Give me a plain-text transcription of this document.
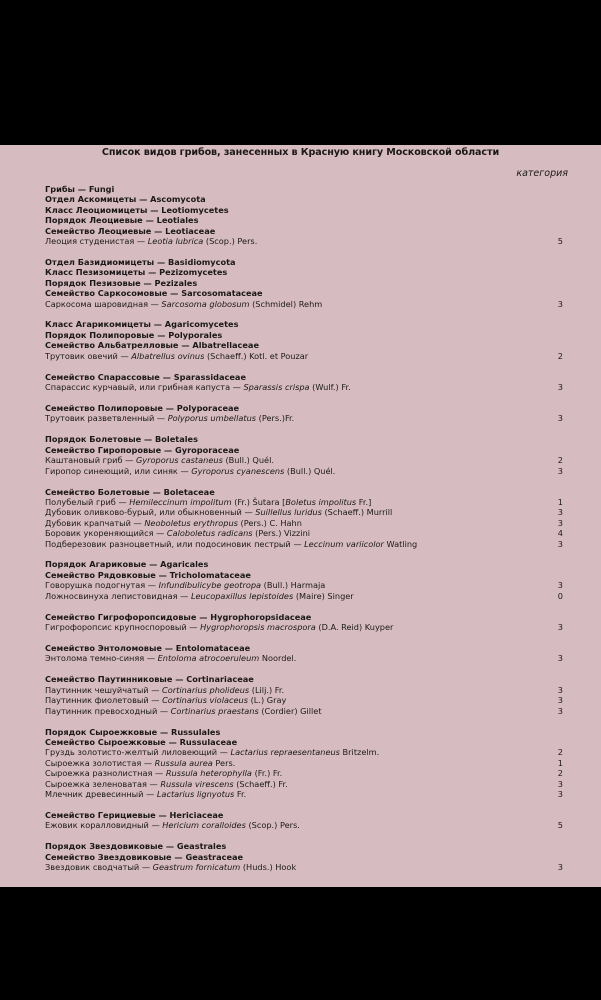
Список видов грибов, занесенных в Красную книгу Московской области
категория
Грибы — Fungi
Отдел Аскомицеты — Ascomycota
Класс Леоциомицеты — Leotiomycetes
Порядок Леоциевые — Leotiales
Семейство Леоциевые — Leotiaceae
Леоция студенистая — Leotia lubrica (Scop.) Pers.	5
Отдел Базидиомицеты — Basidiomycota
Класс Пезизомицеты — Pezizomycetes
Порядок Пезизовые — Pezizales
Семейство Саркосомовые — Sarcosomataceae
Саркосома шаровидная — Sarcosoma globosum (Schmidel) Rehm	3
Класс Агарикомицеты — Agaricomycetes
Порядок Полипоровые — Polyporales
Семейство Альбатрелловые — Albatrellaceae
Трутовик овечий — Albatrellus ovinus (Schaeff.) Kotl. et Pouzar	2
Семейство Спарассовые — Sparassidaceae
Спарассис курчавый, или грибная капуста — Sparassis crispa (Wulf.) Fr.	3
Семейство Полипоровые — Polyporaceae
Трутовик разветвленный — Polyporus umbellatus (Pers.)Fr.	3
Порядок Болетовые — Boletales
Семейство Гиропоровые — Gyroporaceae
Каштановый гриб — Gyroporus castaneus (Bull.) Quél.	2
Гиропор синеющий, или синяк — Gyroporus cyanescens (Bull.) Quél.	3
Семейство Болетовые — Boletaceae
Полубелый гриб — Hemileccinum impolitum (Fr.) Šutara [Boletus impolitus Fr.]	1
Дубовик оливково-бурый, или обыкновенный — Suillellus luridus (Schaeff.) Murrill	3
Дубовик крапчатый — Neoboletus erythropus (Pers.) C. Hahn	3
Боровик укореняющийся — Caloboletus radicans (Pers.) Vizzini	4
Подберезовик разноцветный, или подосиновик пестрый — Leccinum variicolor Watling	3
Порядок Агариковые — Agaricales
Семейство Рядовковые — Tricholomataceae
Говорушка подогнутая — Infundibulicybe geotropa (Bull.) Harmaja	3
Ложносвинуха лепистовидная — Leucopaxillus lepistoides (Maire) Singer	0
Семейство Гигрофоропсидовые — Hygrophoropsidaceae
Гигрофоропсис крупноспоровый — Hygrophoropsis macrospora (D.A. Reid) Kuyper	3
Семейство Энтоломовые — Entolomataceae
Энтолома темно-синяя — Entoloma atrocoeruleum Noordel.	3
Семейство Паутинниковые — Cortinariaceae
Паутинник чешуйчатый — Cortinarius pholideus (Lilj.) Fr.	3
Паутинник фиолетовый — Cortinarius violaceus (L.) Gray	3
Паутинник превосходный — Cortinarius praestans (Cordier) Gillet	3
Порядок Сыроежковые — Russulales
Семейство Сыроежковые — Russulaceae
Груздь золотисто-желтый лиловеющий — Lactarius repraesentaneus Britzelm.	2
Сыроежка золотистая — Russula aurea Pers.	1
Сыроежка разнолистная — Russula heterophylla (Fr.) Fr.	2
Сыроежка зеленоватая — Russula virescens (Schaeff.) Fr.	3
Млечник древесинный — Lactarius lignyotus Fr.	3
Семейство Герициевые — Hericiaceae
Ежовик коралловидный — Hericium coralloides (Scop.) Pers.	5
Порядок Звездовиковые — Geastrales
Семейство Звездовиковые — Geastraceae
Звездовик сводчатый — Geastrum fornicatum (Huds.) Hook	3
